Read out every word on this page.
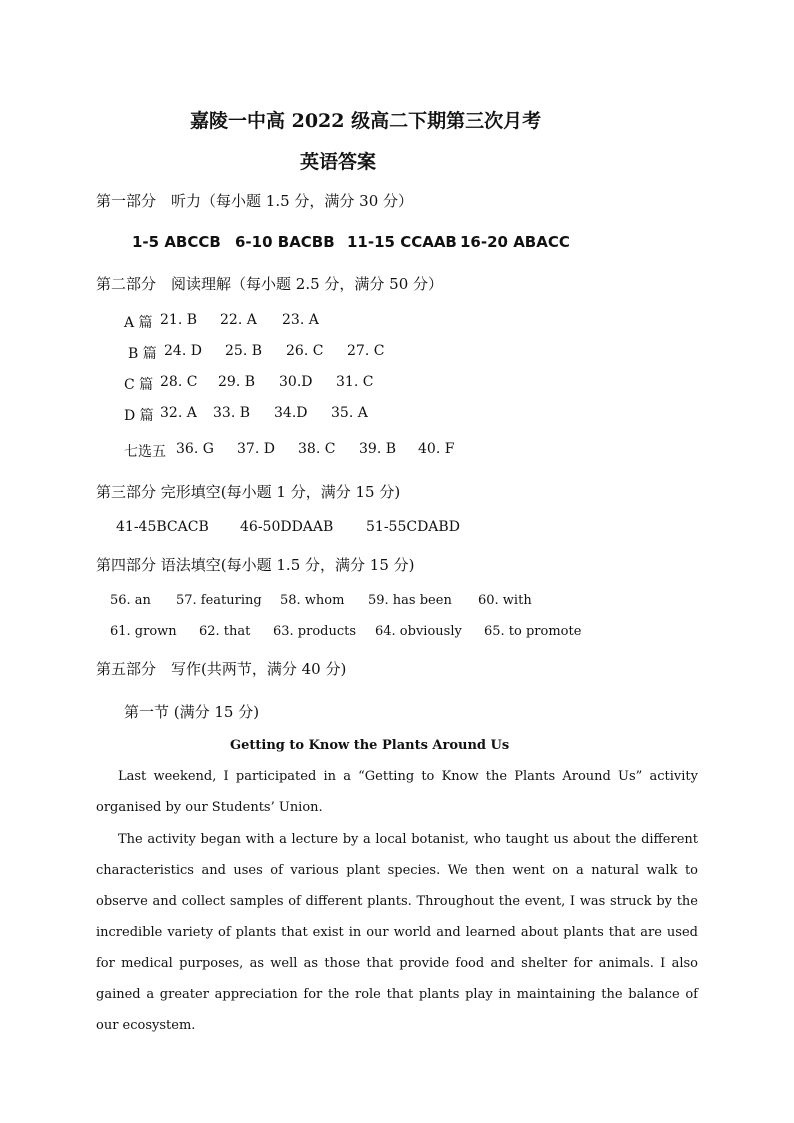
嘉陵一中高 2022 级高二下期第三次月考
英语答案
第一部分　听力（每小题 1.5 分，满分 30 分）
1-5 ABCCB 6-10 BACBB 11-15 CCAAB 16-20 ABACC
第二部分　阅读理解（每小题 2.5 分，满分 50 分）
A 篇 21. B 22. A 23. A
B 篇 24. D 25. B 26. C 27. C
C 篇 28. C 29. B 30.D 31. C
D 篇 32. A 33. B 34.D 35. A
七选五 36. G 37. D 38. C 39. B 40. F
第三部分 完形填空(每小题 1 分，满分 15 分)
41-45BCACB 46-50DDAAB 51-55CDABD
第四部分 语法填空(每小题 1.5 分，满分 15 分)
56. an 57. featuring 58. whom 59. has been 60. with
61. grown 62. that 63. products 64. obviously 65. to promote
第五部分　写作(共两节，满分 40 分)
第一节 (满分 15 分)
Getting to Know the Plants Around Us

Last weekend, I participated in a “Getting to Know the Plants Around Us” activity organised by our Students’ Union.

The activity began with a lecture by a local botanist, who taught us about the different characteristics and uses of various plant species. We then went on a natural walk to observe and collect samples of different plants. Throughout the event, I was struck by the incredible variety of plants that exist in our world and learned about plants that are used for medical purposes, as well as those that provide food and shelter for animals. I also gained a greater appreciation for the role that plants play in maintaining the balance of our ecosystem.
